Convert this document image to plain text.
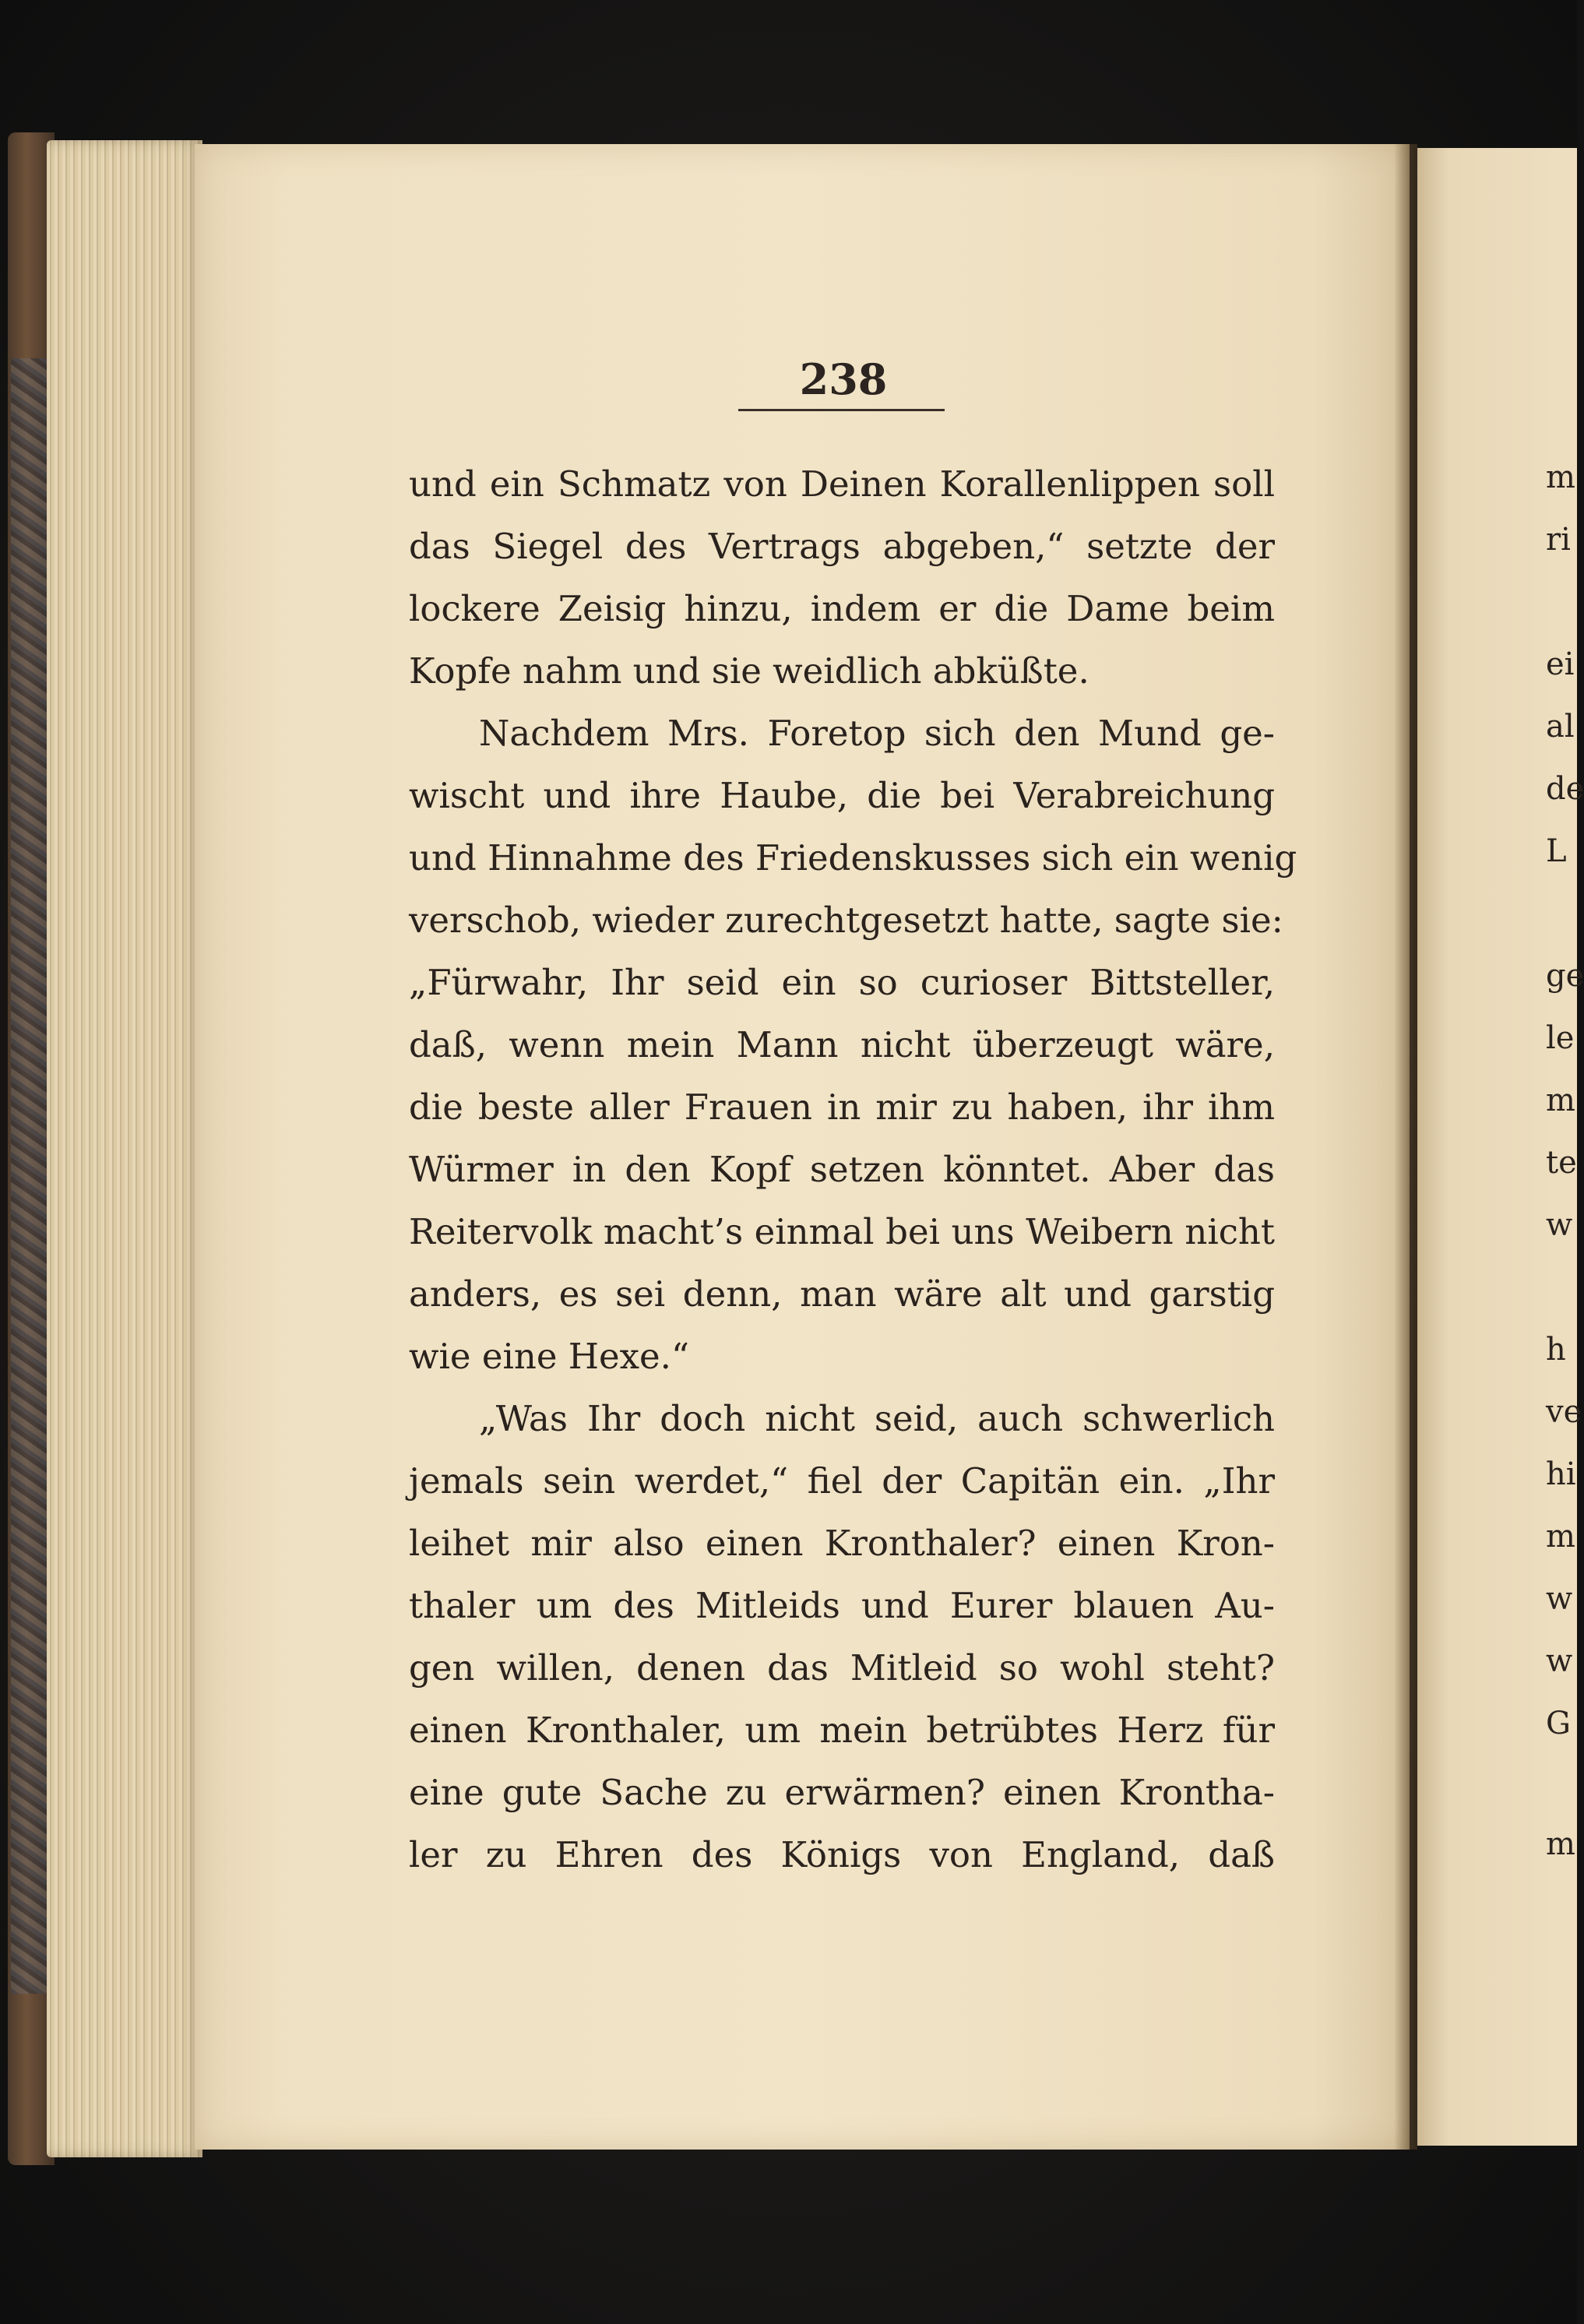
238
und ein Schmatz von Deinen Korallenlippen soll
das Siegel des Vertrags abgeben,“ setzte der
lockere Zeisig hinzu, indem er die Dame beim
Kopfe nahm und sie weidlich abküßte.
Nachdem Mrs. Foretop sich den Mund ge-
wischt und ihre Haube, die bei Verabreichung
und Hinnahme des Friedenskusses sich ein wenig
verschob, wieder zurechtgesetzt hatte, sagte sie:
„Fürwahr, Ihr seid ein so curioser Bittsteller,
daß, wenn mein Mann nicht überzeugt wäre,
die beste aller Frauen in mir zu haben, ihr ihm
Würmer in den Kopf setzen könntet. Aber das
Reitervolk macht’s einmal bei uns Weibern nicht
anders, es sei denn, man wäre alt und garstig
wie eine Hexe.“
„Was Ihr doch nicht seid, auch schwerlich
jemals sein werdet,“ fiel der Capitän ein. „Ihr
leihet mir also einen Kronthaler? einen Kron-
thaler um des Mitleids und Eurer blauen Au-
gen willen, denen das Mitleid so wohl steht?
einen Kronthaler, um mein betrübtes Herz für
eine gute Sache zu erwärmen? einen Krontha-
ler zu Ehren des Königs von England, daß
m
ri
ei
al
de
L
ge
le
m
te
w
h
ve
hi
m
w
w
G
m
